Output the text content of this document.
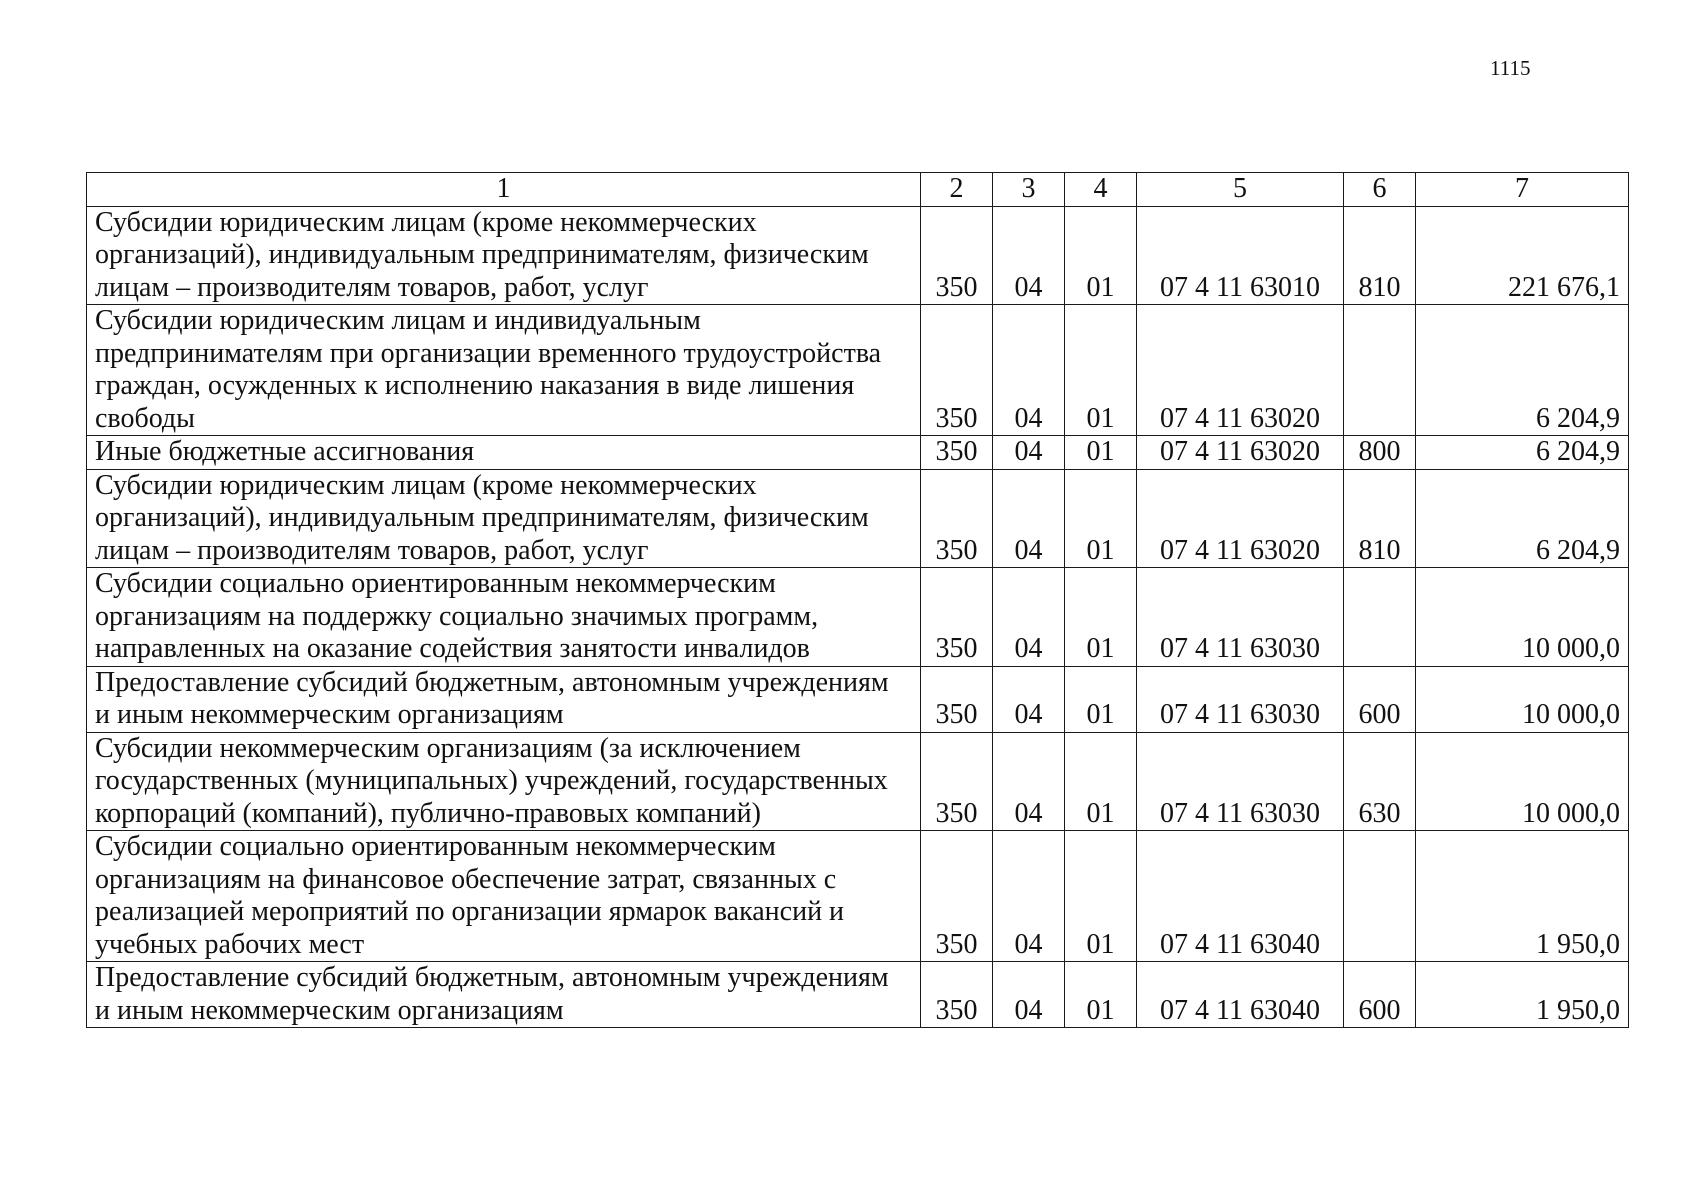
1115
1	2	3	4	5	6	7

Субсидии юридическим лицам (кроме некоммерческих
организаций), индивидуальным предпринимателям, физическим
лицам – производителям товаров, работ, услуг	350	04	01	07 4 11 63010	810	221 676,1

Субсидии юридическим лицам и индивидуальным
предпринимателям при организации временного трудоустройства
граждан, осужденных к исполнению наказания в виде лишения
свободы	350	04	01	07 4 11 63020		6 204,9

Иные бюджетные ассигнования	350	04	01	07 4 11 63020	800	6 204,9

Субсидии юридическим лицам (кроме некоммерческих
организаций), индивидуальным предпринимателям, физическим
лицам – производителям товаров, работ, услуг	350	04	01	07 4 11 63020	810	6 204,9

Субсидии социально ориентированным некоммерческим
организациям на поддержку социально значимых программ,
направленных на оказание содействия занятости инвалидов	350	04	01	07 4 11 63030		10 000,0

Предоставление субсидий бюджетным, автономным учреждениям
и иным некоммерческим организациям	350	04	01	07 4 11 63030	600	10 000,0

Субсидии некоммерческим организациям (за исключением
государственных (муниципальных) учреждений, государственных
корпораций (компаний), публично-правовых компаний)	350	04	01	07 4 11 63030	630	10 000,0

Субсидии социально ориентированным некоммерческим
организациям на финансовое обеспечение затрат, связанных с
реализацией мероприятий по организации ярмарок вакансий и
учебных рабочих мест	350	04	01	07 4 11 63040		1 950,0

Предоставление субсидий бюджетным, автономным учреждениям
и иным некоммерческим организациям	350	04	01	07 4 11 63040	600	1 950,0
